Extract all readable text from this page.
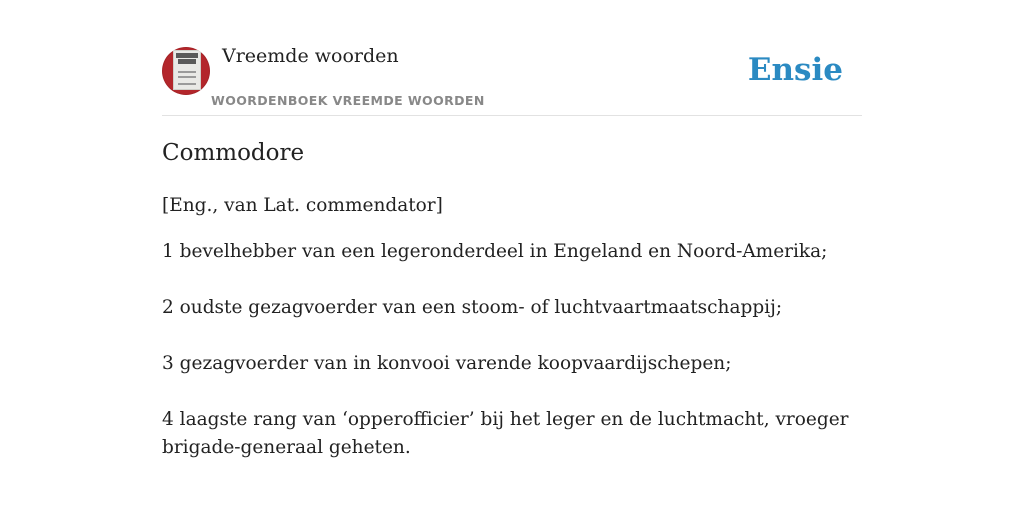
Vreemde woorden
WOORDENBOEK VREEMDE WOORDEN
Ensie
Commodore
[Eng., van Lat. commendator]
1 bevelhebber van een legeronderdeel in Engeland en Noord-Amerika;
2 oudste gezagvoerder van een stoom- of luchtvaartmaatschappij;
3 gezagvoerder van in konvooi varende koopvaardijschepen;
4 laagste rang van ‘opperofficier’ bij het leger en de luchtmacht, vroeger brigade-generaal geheten.
